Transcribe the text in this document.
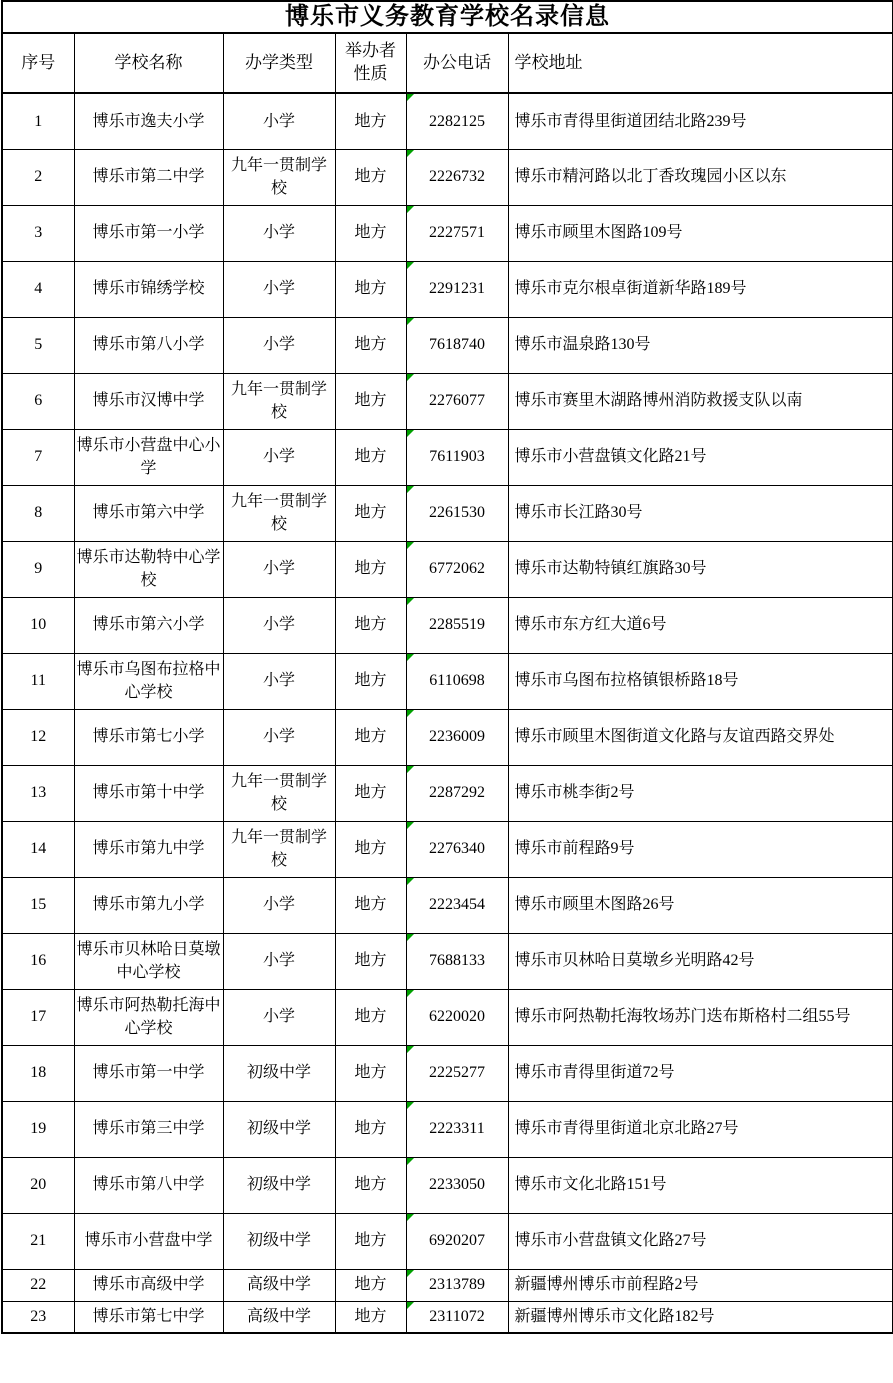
博乐市义务教育学校名录信息					
序号	学校名称	办学类型	举办者性质	办公电话	学校地址
1	博乐市逸夫小学	小学	地方	2282125	博乐市青得里街道团结北路239号
2	博乐市第二中学	九年一贯制学校	地方	2226732	博乐市精河路以北丁香玫瑰园小区以东
3	博乐市第一小学	小学	地方	2227571	博乐市顾里木图路109号
4	博乐市锦绣学校	小学	地方	2291231	博乐市克尔根卓街道新华路189号
5	博乐市第八小学	小学	地方	7618740	博乐市温泉路130号
6	博乐市汉博中学	九年一贯制学校	地方	2276077	博乐市赛里木湖路博州消防救援支队以南
7	博乐市小营盘中心小学	小学	地方	7611903	博乐市小营盘镇文化路21号
8	博乐市第六中学	九年一贯制学校	地方	2261530	博乐市长江路30号
9	博乐市达勒特中心学校	小学	地方	6772062	博乐市达勒特镇红旗路30号
10	博乐市第六小学	小学	地方	2285519	博乐市东方红大道6号
11	博乐市乌图布拉格中心学校	小学	地方	6110698	博乐市乌图布拉格镇银桥路18号
12	博乐市第七小学	小学	地方	2236009	博乐市顾里木图街道文化路与友谊西路交界处
13	博乐市第十中学	九年一贯制学校	地方	2287292	博乐市桃李街2号
14	博乐市第九中学	九年一贯制学校	地方	2276340	博乐市前程路9号
15	博乐市第九小学	小学	地方	2223454	博乐市顾里木图路26号
16	博乐市贝林哈日莫墩中心学校	小学	地方	7688133	博乐市贝林哈日莫墩乡光明路42号
17	博乐市阿热勒托海中心学校	小学	地方	6220020	博乐市阿热勒托海牧场苏门迭布斯格村二组55号
18	博乐市第一中学	初级中学	地方	2225277	博乐市青得里街道72号
19	博乐市第三中学	初级中学	地方	2223311	博乐市青得里街道北京北路27号
20	博乐市第八中学	初级中学	地方	2233050	博乐市文化北路151号
21	博乐市小营盘中学	初级中学	地方	6920207	博乐市小营盘镇文化路27号
22	博乐市高级中学	高级中学	地方	2313789	新疆博州博乐市前程路2号
23	博乐市第七中学	高级中学	地方	2311072	新疆博州博乐市文化路182号
